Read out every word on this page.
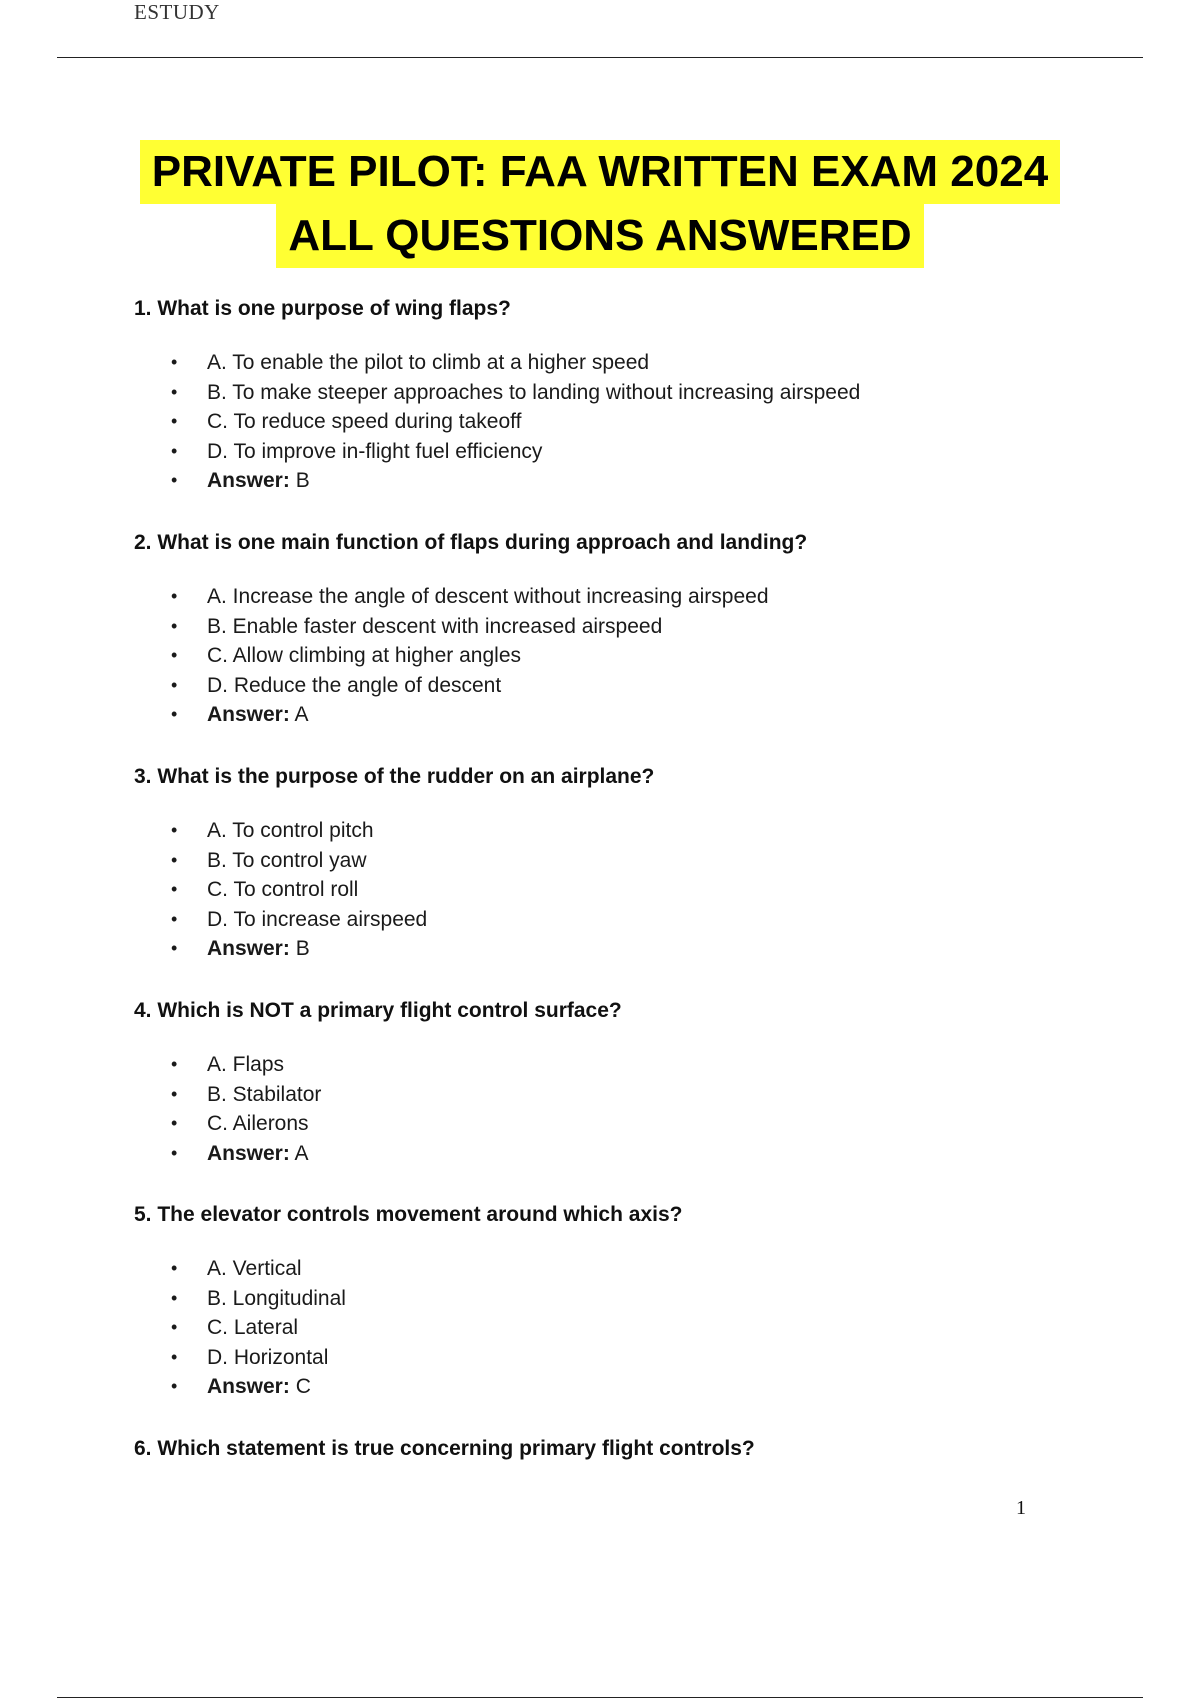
ESTUDY
PRIVATE PILOT: FAA WRITTEN EXAM 2024
ALL QUESTIONS ANSWERED

1. What is one purpose of wing flaps?

• A. To enable the pilot to climb at a higher speed
• B. To make steeper approaches to landing without increasing airspeed
• C. To reduce speed during takeoff
• D. To improve in-flight fuel efficiency
• Answer: B

2. What is one main function of flaps during approach and landing?

• A. Increase the angle of descent without increasing airspeed
• B. Enable faster descent with increased airspeed
• C. Allow climbing at higher angles
• D. Reduce the angle of descent
• Answer: A

3. What is the purpose of the rudder on an airplane?

• A. To control pitch
• B. To control yaw
• C. To control roll
• D. To increase airspeed
• Answer: B

4. Which is NOT a primary flight control surface?

• A. Flaps
• B. Stabilator
• C. Ailerons
• Answer: A

5. The elevator controls movement around which axis?

• A. Vertical
• B. Longitudinal
• C. Lateral
• D. Horizontal
• Answer: C

6. Which statement is true concerning primary flight controls?

1
